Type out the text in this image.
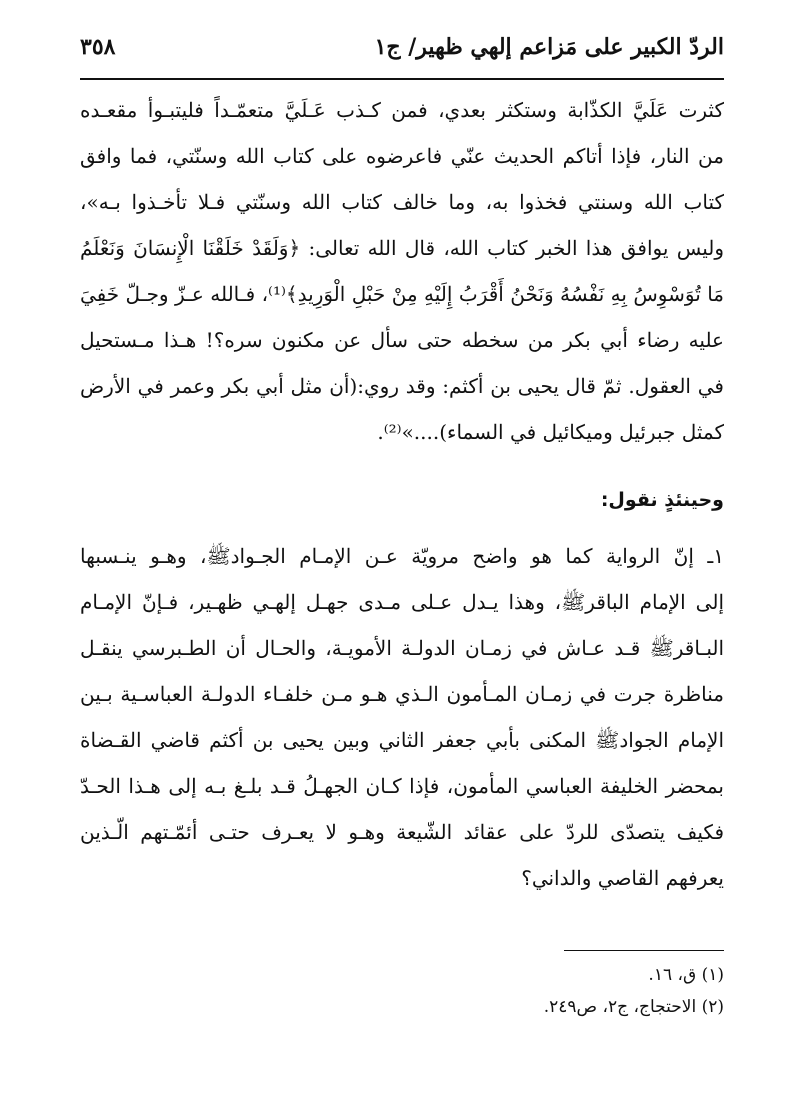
الردّ الكبير على مَزاعم إلهي ظهير/ ج١
٣٥٨
كثرت عَلَيَّ الكذّابة وستكثر بعدي، فمن كـذب عَـلَيَّ متعمّـداً فليتبـوأ مقعـده
من النار، فإذا أتاكم الحديث عنّي فاعرضوه على كتاب الله وسنّتي، فما وافق
كتاب الله وسنتي فخذوا به، وما خالف كتاب الله وسنّتي فـلا تأخـذوا بـه»،
وليس يوافق هذا الخبر كتاب الله، قال الله تعالى: ﴿وَلَقَدْ خَلَقْنَا الْإِنسَانَ وَنَعْلَمُ
مَا تُوَسْوِسُ بِهِ نَفْسُهُ وَنَحْنُ أَقْرَبُ إِلَيْهِ مِنْ حَبْلِ الْوَرِيدِ﴾⁽¹⁾، فـالله عـزّ وجـلّ خَفِيَ
عليه رضاء أبي بكر من سخطه حتى سأل عن مكنون سره؟! هـذا مـستحيل
في العقول. ثمّ قال يحيى بن أكثم: وقد روي:(أن مثل أبي بكر وعمر في الأرض
كمثل جبرئيل وميكائيل في السماء)....»⁽²⁾.
وحينئذٍ نقول:
١ـ إنّ الرواية كما هو واضح مرويّة عـن الإمـام الجـوادﷺ، وهـو ينـسبها
إلى الإمام الباقرﷺ، وهذا يـدل عـلى مـدى جهـل إلهـي ظهـير، فـإنّ الإمـام
البـاقرﷺ قـد عـاش في زمـان الدولـة الأمويـة، والحـال أن الطـبرسي ينقـل
مناظرة جرت في زمـان المـأمون الـذي هـو مـن خلفـاء الدولـة العباسـية بـين
الإمام الجوادﷺ المكنى بأبي جعفر الثاني وبين يحيى بن أكثم قاضي القـضاة
بمحضر الخليفة العباسي المأمون، فإذا كـان الجهـلُ قـد بلـغ بـه إلى هـذا الحـدّ
فكيف يتصدّى للردّ على عقائد الشّيعة وهـو لا يعـرف حتـى أئمّـتهم الّـذين
يعرفهم القاصي والداني؟
(١) ق، ١٦.
(٢) الاحتجاج، ج٢، ص٢٤٩.
